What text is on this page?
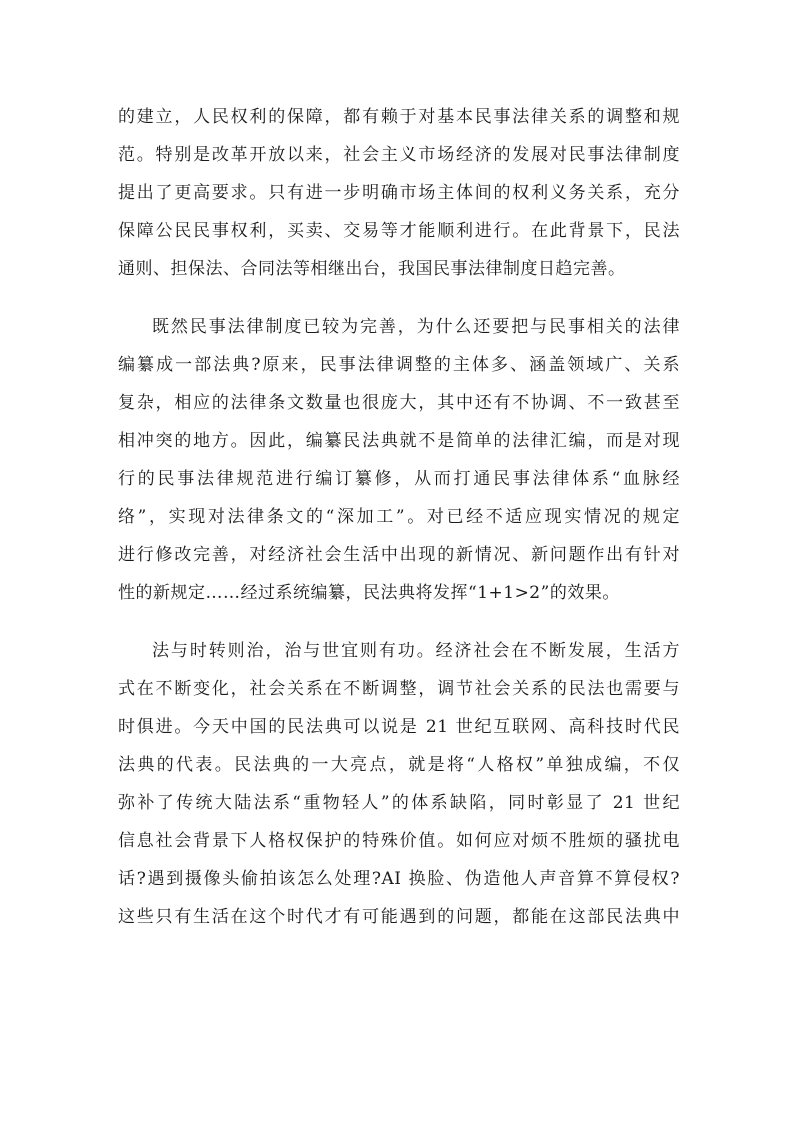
的建立，人民权利的保障，都有赖于对基本民事法律关系的调整和规
范。特别是改革开放以来，社会主义市场经济的发展对民事法律制度
提出了更高要求。只有进一步明确市场主体间的权利义务关系，充分
保障公民民事权利，买卖、交易等才能顺利进行。在此背景下，民法
通则、担保法、合同法等相继出台，我国民事法律制度日趋完善。
既然民事法律制度已较为完善，为什么还要把与民事相关的法律
编纂成一部法典?原来，民事法律调整的主体多、涵盖领域广、关系
复杂，相应的法律条文数量也很庞大，其中还有不协调、不一致甚至
相冲突的地方。因此，编纂民法典就不是简单的法律汇编，而是对现
行的民事法律规范进行编订纂修，从而打通民事法律体系“血脉经
络”，实现对法律条文的“深加工”。对已经不适应现实情况的规定
进行修改完善，对经济社会生活中出现的新情况、新问题作出有针对
性的新规定……经过系统编纂，民法典将发挥“1+1>2”的效果。
法与时转则治，治与世宜则有功。经济社会在不断发展，生活方
式在不断变化，社会关系在不断调整，调节社会关系的民法也需要与
时俱进。今天中国的民法典可以说是 21 世纪互联网、高科技时代民
法典的代表。民法典的一大亮点，就是将“人格权”单独成编，不仅
弥补了传统大陆法系“重物轻人”的体系缺陷，同时彰显了 21 世纪
信息社会背景下人格权保护的特殊价值。如何应对烦不胜烦的骚扰电
话?遇到摄像头偷拍该怎么处理?AI 换脸、伪造他人声音算不算侵权?
这些只有生活在这个时代才有可能遇到的问题，都能在这部民法典中
